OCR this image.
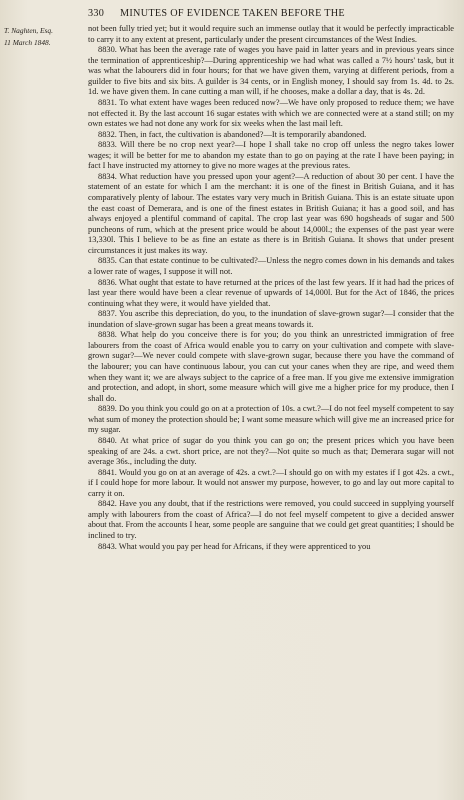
330 MINUTES OF EVIDENCE TAKEN BEFORE THE
T. Naghten, Esq.
11 March 1848.

not been fully tried yet; but it would require such an immense outlay that it would be perfectly impracticable to carry it to any extent at present, particularly under the present circumstances of the West Indies.

8830. What has been the average rate of wages you have paid in latter years and in previous years since the termination of apprenticeship?—During apprenticeship we had what was called a 7½ hours' task, but it was what the labourers did in four hours; for that we have given them, varying at different periods, from a guilder to five bits and six bits. A guilder is 34 cents, or in English money, I should say from 1s. 4d. to 2s. 1d. we have given them. In cane cutting a man will, if he chooses, make a dollar a day, that is 4s. 2d.

8831. To what extent have wages been reduced now?—We have only proposed to reduce them; we have not effected it. By the last account 16 sugar estates with which we are connected were at a stand still; on my own estates we had not done any work for six weeks when the last mail left.

8832. Then, in fact, the cultivation is abandoned?—It is temporarily abandoned.

8833. Will there be no crop next year?—I hope I shall take no crop off unless the negro takes lower wages; it will be better for me to abandon my estate than to go on paying at the rate I have been paying; in fact I have instructed my attorney to give no more wages at the previous rates.

8834. What reduction have you pressed upon your agent?—A reduction of about 30 per cent. I have the statement of an estate for which I am the merchant: it is one of the finest in British Guiana, and it has comparatively plenty of labour. The estates vary very much in British Guiana. This is an estate situate upon the east coast of Demerara, and is one of the finest estates in British Guiana; it has a good soil, and has always enjoyed a plentiful command of capital. The crop last year was 690 hogsheads of sugar and 500 puncheons of rum, which at the present price would be about 14,000l.; the expenses of the past year were 13,330l. This I believe to be as fine an estate as there is in British Guiana. It shows that under present circumstances it just makes its way.

8835. Can that estate continue to be cultivated?—Unless the negro comes down in his demands and takes a lower rate of wages, I suppose it will not.

8836. What ought that estate to have returned at the prices of the last few years. If it had had the prices of last year there would have been a clear revenue of upwards of 14,000l. But for the Act of 1846, the prices continuing what they were, it would have yielded that.

8837. You ascribe this depreciation, do you, to the inundation of slave-grown sugar?—I consider that the inundation of slave-grown sugar has been a great means towards it.

8838. What help do you conceive there is for you; do you think an unrestricted immigration of free labourers from the coast of Africa would enable you to carry on your cultivation and compete with slave-grown sugar?—We never could compete with slave-grown sugar, because there you have the command of the labourer; you can have continuous labour, you can cut your canes when they are ripe, and weed them when they want it; we are always subject to the caprice of a free man. If you give me extensive immigration and protection, and adopt, in short, some measure which will give me a higher price for my produce, then I shall do.

8839. Do you think you could go on at a protection of 10s. a cwt.?—I do not feel myself competent to say what sum of money the protection should be; I want some measure which will give me an increased price for my sugar.

8840. At what price of sugar do you think you can go on; the present prices which you have been speaking of are 24s. a cwt. short price, are not they?—Not quite so much as that; Demerara sugar will not average 36s., including the duty.

8841. Would you go on at an average of 42s. a cwt.?—I should go on with my estates if I got 42s. a cwt., if I could hope for more labour. It would not answer my purpose, however, to go and lay out more capital to carry it on.

8842. Have you any doubt, that if the restrictions were removed, you could succeed in supplying yourself amply with labourers from the coast of Africa?—I do not feel myself competent to give a decided answer about that. From the accounts I hear, some people are sanguine that we could get great quantities; I should be inclined to try.

8843. What would you pay per head for Africans, if they were apprenticed to you
